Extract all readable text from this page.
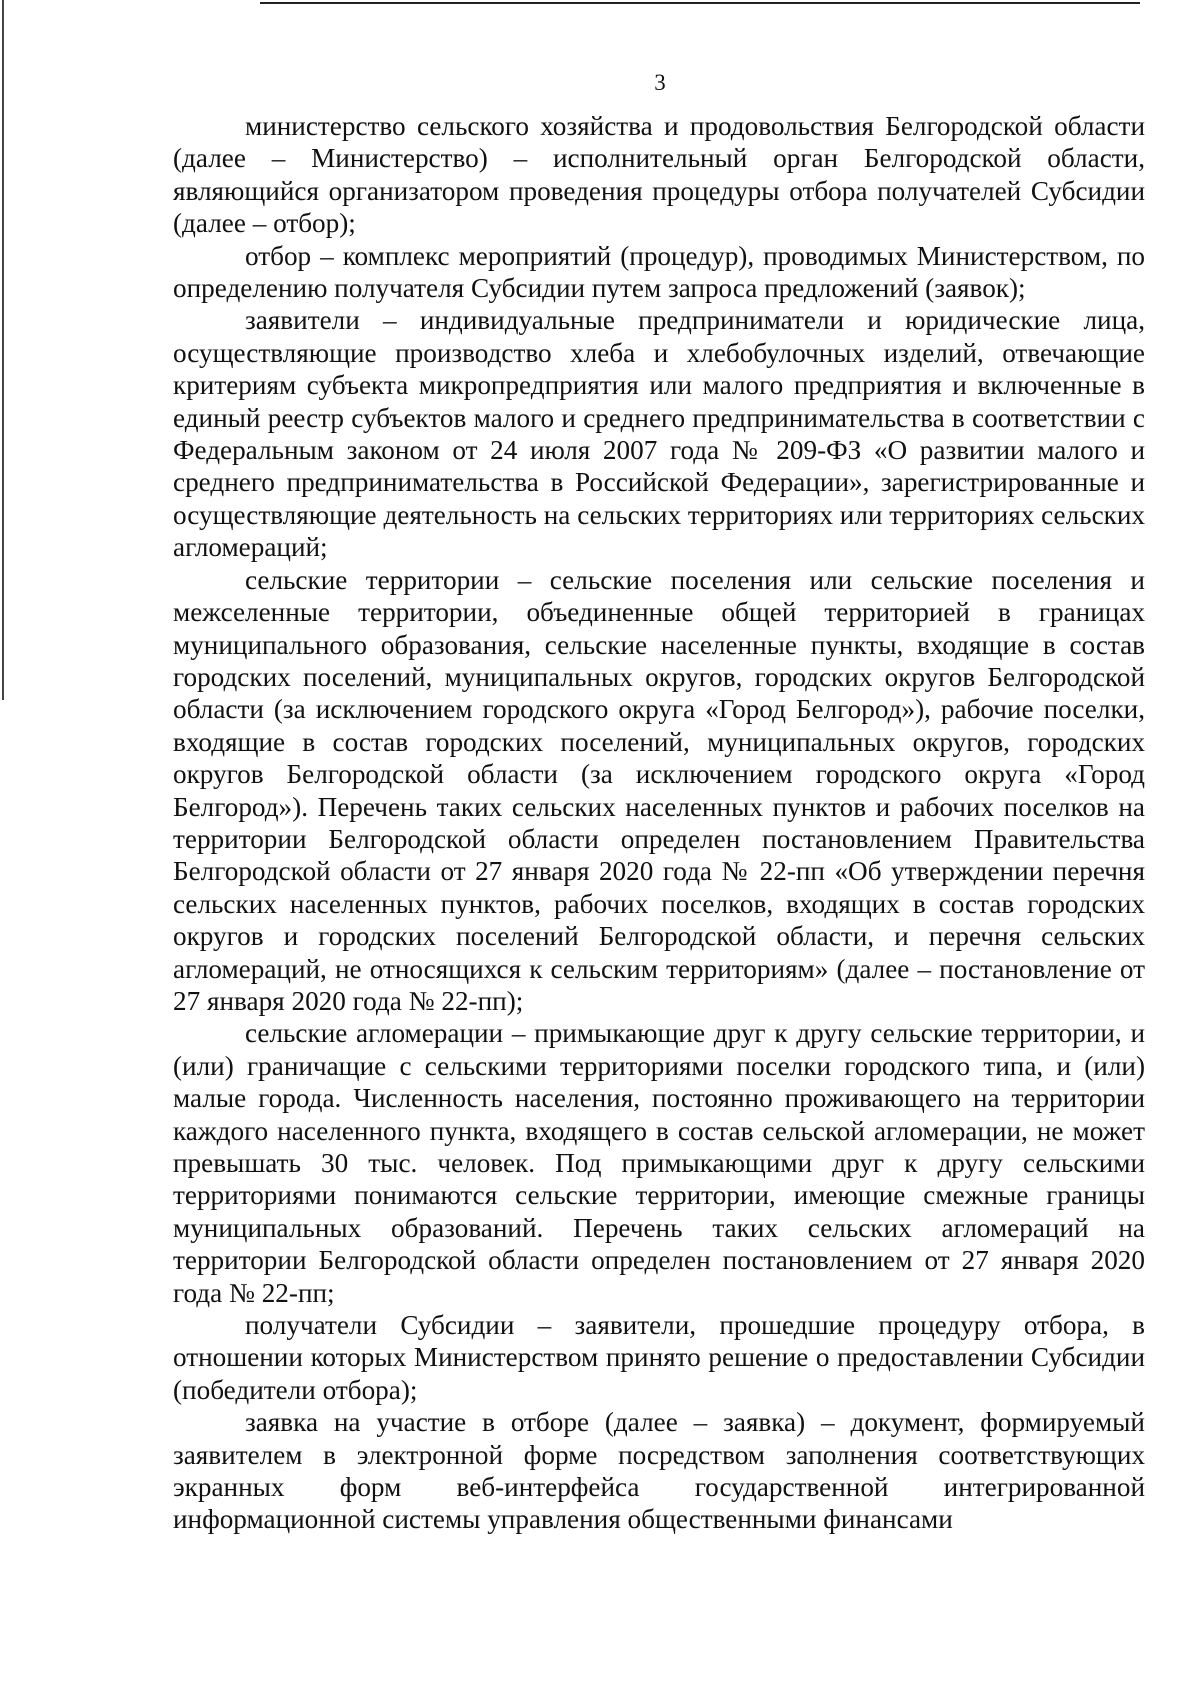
3

министерство сельского хозяйства и продовольствия Белгородской области (далее – Министерство) – исполнительный орган Белгородской области, являющийся организатором проведения процедуры отбора получателей Субсидии (далее – отбор);

отбор – комплекс мероприятий (процедур), проводимых Министерством, по определению получателя Субсидии путем запроса предложений (заявок);

заявители – индивидуальные предприниматели и юридические лица, осуществляющие производство хлеба и хлебобулочных изделий, отвечающие критериям субъекта микропредприятия или малого предприятия и включенные в единый реестр субъектов малого и среднего предпринимательства в соответствии с Федеральным законом от 24 июля 2007 года № 209-ФЗ «О развитии малого и среднего предпринимательства в Российской Федерации», зарегистрированные и осуществляющие деятельность на сельских территориях или территориях сельских агломераций;

сельские территории – сельские поселения или сельские поселения и межселенные территории, объединенные общей территорией в границах муниципального образования, сельские населенные пункты, входящие в состав городских поселений, муниципальных округов, городских округов Белгородской области (за исключением городского округа «Город Белгород»), рабочие поселки, входящие в состав городских поселений, муниципальных округов, городских округов Белгородской области (за исключением городского округа «Город Белгород»). Перечень таких сельских населенных пунктов и рабочих поселков на территории Белгородской области определен постановлением Правительства Белгородской области от 27 января 2020 года № 22-пп «Об утверждении перечня сельских населенных пунктов, рабочих поселков, входящих в состав городских округов и городских поселений Белгородской области, и перечня сельских агломераций, не относящихся к сельским территориям» (далее – постановление от 27 января 2020 года № 22-пп);

сельские агломерации – примыкающие друг к другу сельские территории, и (или) граничащие с сельскими территориями поселки городского типа, и (или) малые города. Численность населения, постоянно проживающего на территории каждого населенного пункта, входящего в состав сельской агломерации, не может превышать 30 тыс. человек. Под примыкающими друг к другу сельскими территориями понимаются сельские территории, имеющие смежные границы муниципальных образований. Перечень таких сельских агломераций на территории Белгородской области определен постановлением от 27 января 2020 года № 22-пп;

получатели Субсидии – заявители, прошедшие процедуру отбора, в отношении которых Министерством принято решение о предоставлении Субсидии (победители отбора);

заявка на участие в отборе (далее – заявка) – документ, формируемый заявителем в электронной форме посредством заполнения соответствующих экранных форм веб-интерфейса государственной интегрированной информационной системы управления общественными финансами
